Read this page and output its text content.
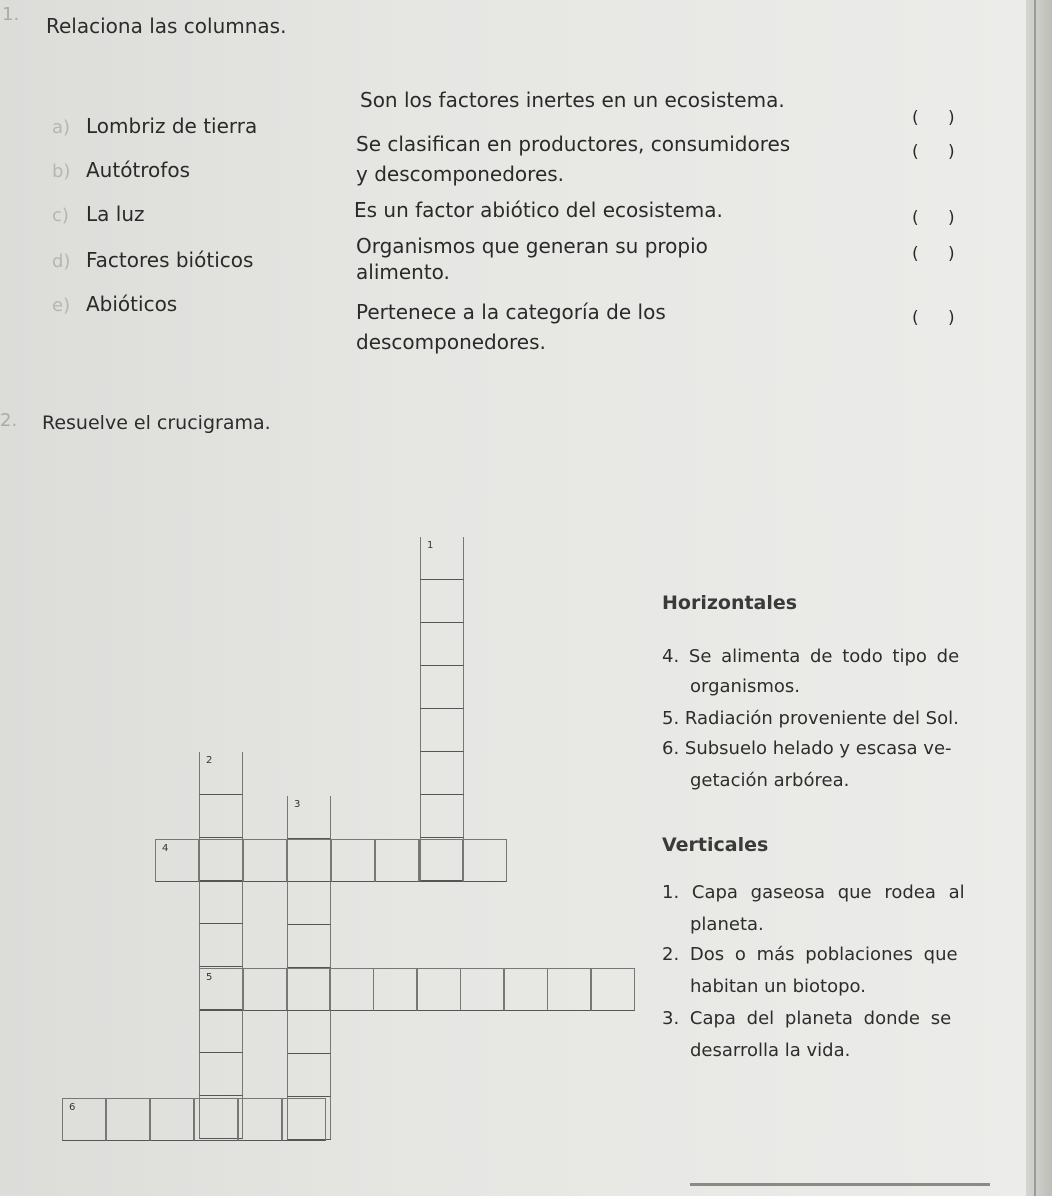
1. Relaciona las columnas.
a) Lombriz de tierra
b) Autótrofos
c) La luz
d) Factores bióticos
e) Abióticos
Son los factores inertes en un ecosistema.
Se clasifican en productores, consumidores
y descomponedores.
Es un factor abiótico del ecosistema.
Organismos que generan su propio
alimento.
Pertenece a la categoría de los
descomponedores.
( )
( )
( )
( )
( )
2. Resuelve el crucigrama.
Horizontales
4. Se alimenta de todo tipo de
organismos.
5. Radiación proveniente del Sol.
6. Subsuelo helado y escasa ve-
getación arbórea.
Verticales
1. Capa gaseosa que rodea al
planeta.
2. Dos o más poblaciones que
habitan un biotopo.
3. Capa del planeta donde se
desarrolla la vida.
1
2
3
4
5
6
